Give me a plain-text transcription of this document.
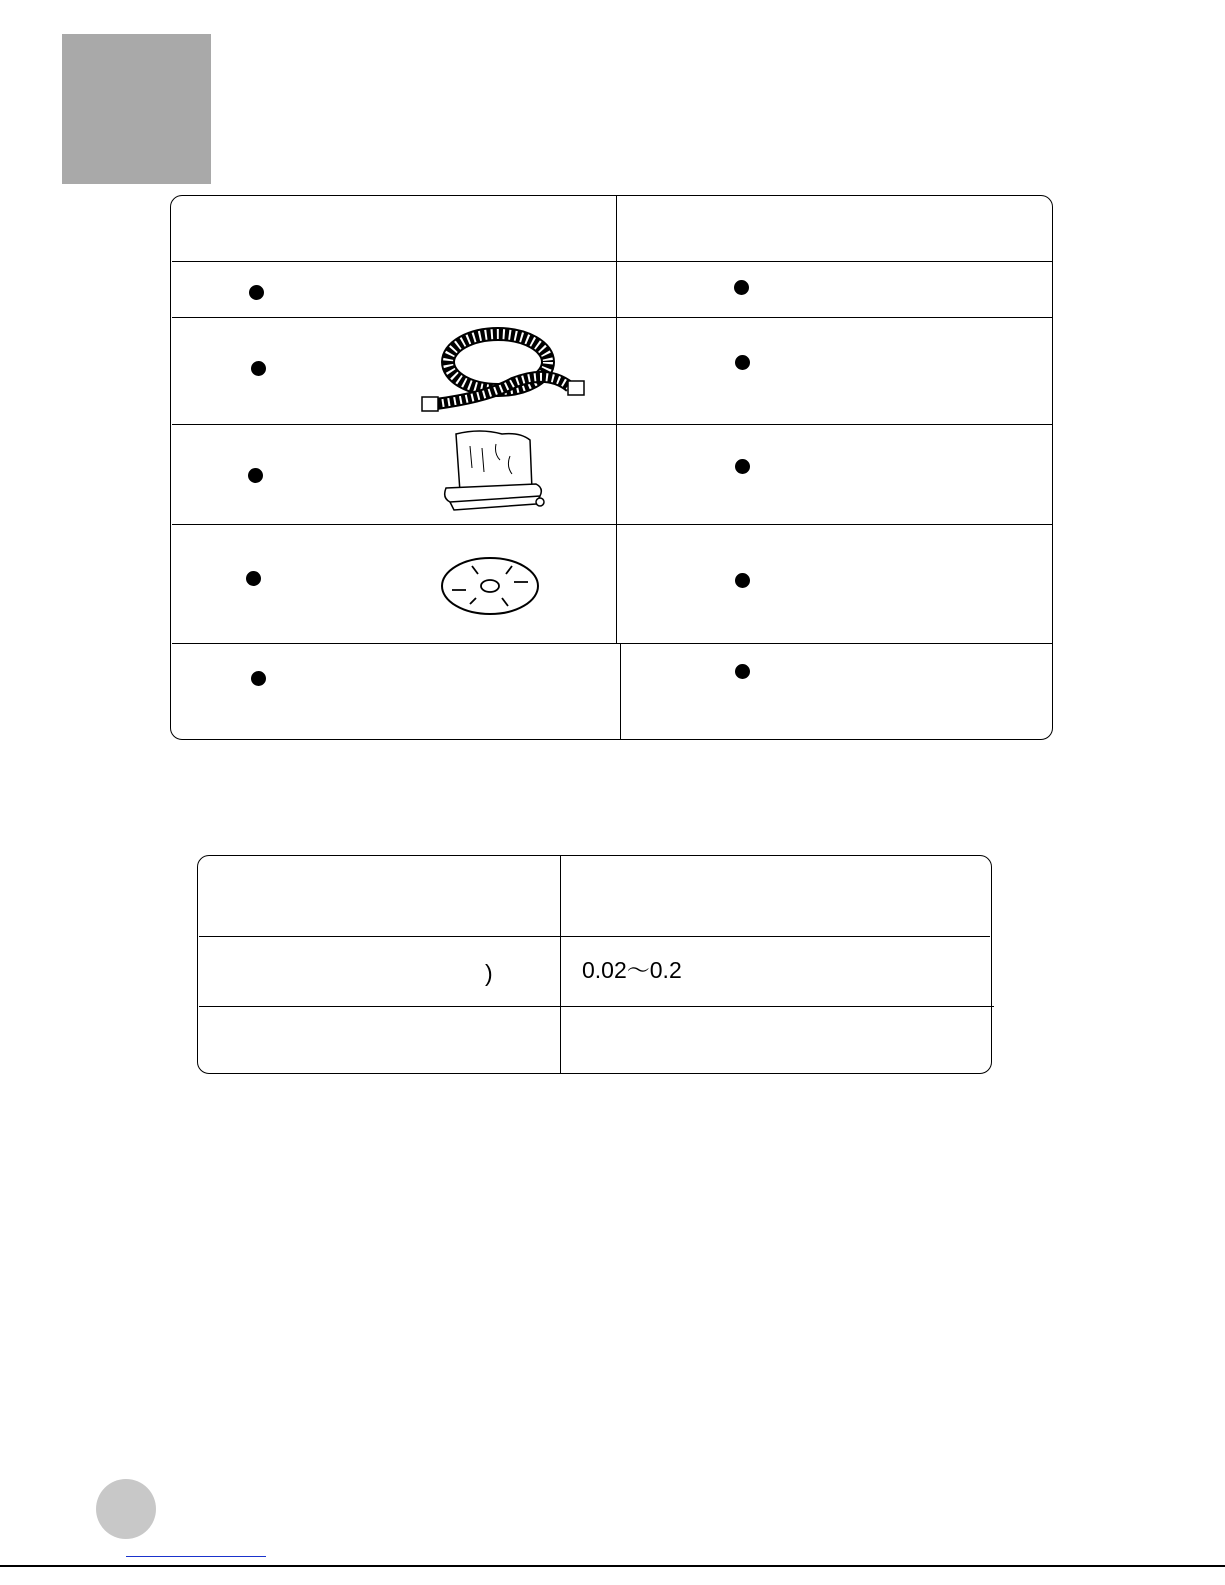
)	0.02～0.2
